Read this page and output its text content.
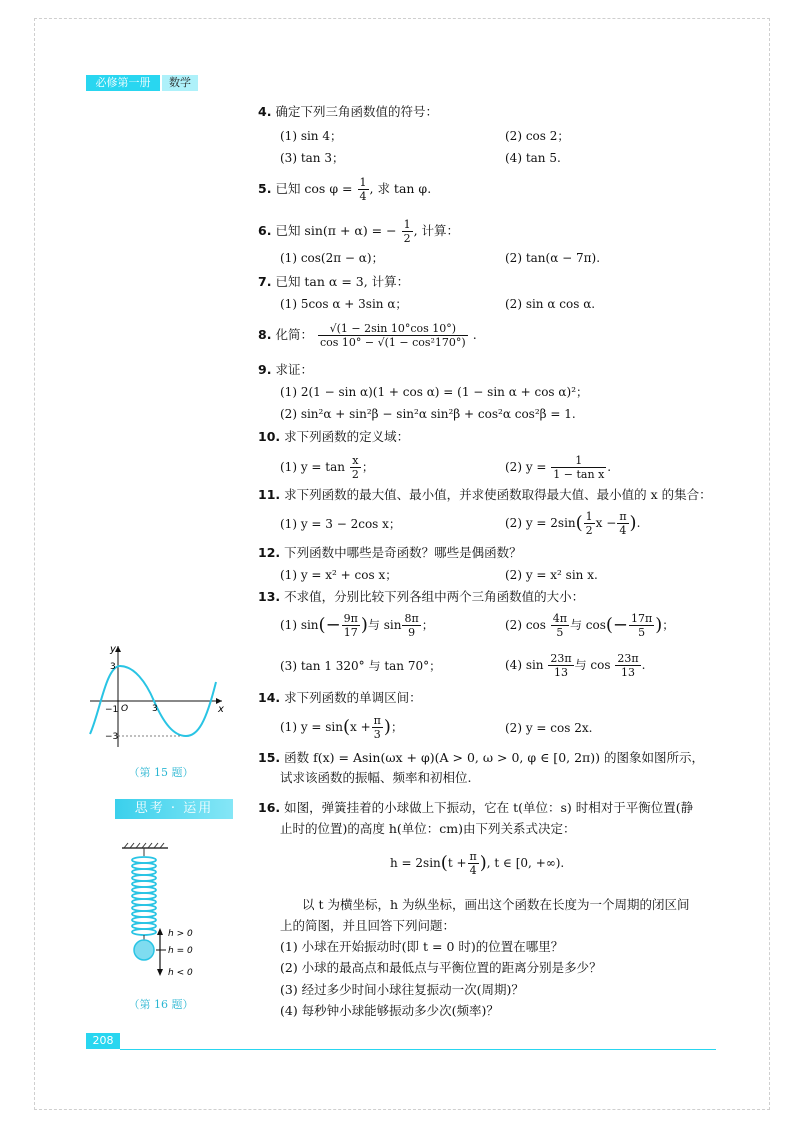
必修第一册	数学
4. 确定下列三角函数值的符号：
(1) sin 4；	(2) cos 2；
(3) tan 3；	(4) tan 5.
5. 已知 $\cos \varphi = \frac{1}{4}$ , 求 tan φ.
6. 已知 sin(π + α) = − $\frac{1}{2}$ , 计算：
(1) cos(2π − α)；	(2) tan(α − 7π).
7. 已知 tan α = 3, 计算：
(1) 5cos α + 3sin α；	(2) sin α cos α.
8. 化简： $\frac{√(1 - 2\sin 10^\circ\cos 10^\circ)}{\text{cos 10° − √(1 − cos²170°)}}$ .
9. 求证：
(1) 2(1 − sin α)(1 + cos α) = (1 − sin α + cos α)²；
(2) sin²α + sin²β − sin²α sin²β + cos²α cos²β = 1.
10. 求下列函数的定义域：
(1) $y = \tan \frac{x}{2}$ ；	(2) $y = \frac{1}{\text{1 − tan x}}$ .
11. 求下列函数的最大值、最小值，并求使函数取得最大值、最小值的 x 的集合：
(1) y = 3 − 2cos x；	(2) $y = 2\sin( \frac{1}{2}$ $x - \frac{\pi}{4}$ ).
12. 下列函数中哪些是奇函数？哪些是偶函数？
(1) y = x² + cos x；	(2) y = x² sin x.
13. 不求值，分别比较下列各组中两个三角函数值的大小：
(1) $\sin(- \frac{9\pi}{17}$ )与 $\sin \frac{8\pi}{9}$ ；	(2) $\cos \frac{4\pi}{5}$ 与 $\cos(- \frac{17\pi}{5}$ )；
(3) tan 1 320° 与 tan 70°；	(4) $\sin \frac{23\pi}{13}$ 与 $\cos \frac{23\pi}{13}$ .
14. 求下列函数的单调区间：
(1) $y = \sin(x + \frac{\pi}{3}$ )；	(2) y = cos 2x.
15. 函数 f(x) = Asin(ωx + φ)(A > 0, ω > 0, φ ∈ [0, 2π)) 的图象如图所示，
试求该函数的振幅、频率和初相位.
y
x
O
3
−3
−1	3
（第 15 题）
思考 · 运用	16. 如图，弹簧挂着的小球做上下振动，它在 t(单位：s) 时相对于平衡位置(静
止时的位置)的高度 h(单位：cm)由下列关系式决定：
$h = 2\sin(t + \frac{\pi}{4}$ ), t ∈ [0, +∞).
以 t 为横坐标，h 为纵坐标，画出这个函数在长度为一个周期的闭区间
上的简图，并且回答下列问题：
(1) 小球在开始振动时(即 t = 0 时)的位置在哪里？
(2) 小球的最高点和最低点与平衡位置的距离分别是多少？
(3) 经过多少时间小球往复振动一次(周期)？
(4) 每秒钟小球能够振动多少次(频率)？
h > 0
h = 0
h < 0
（第 16 题）
208
